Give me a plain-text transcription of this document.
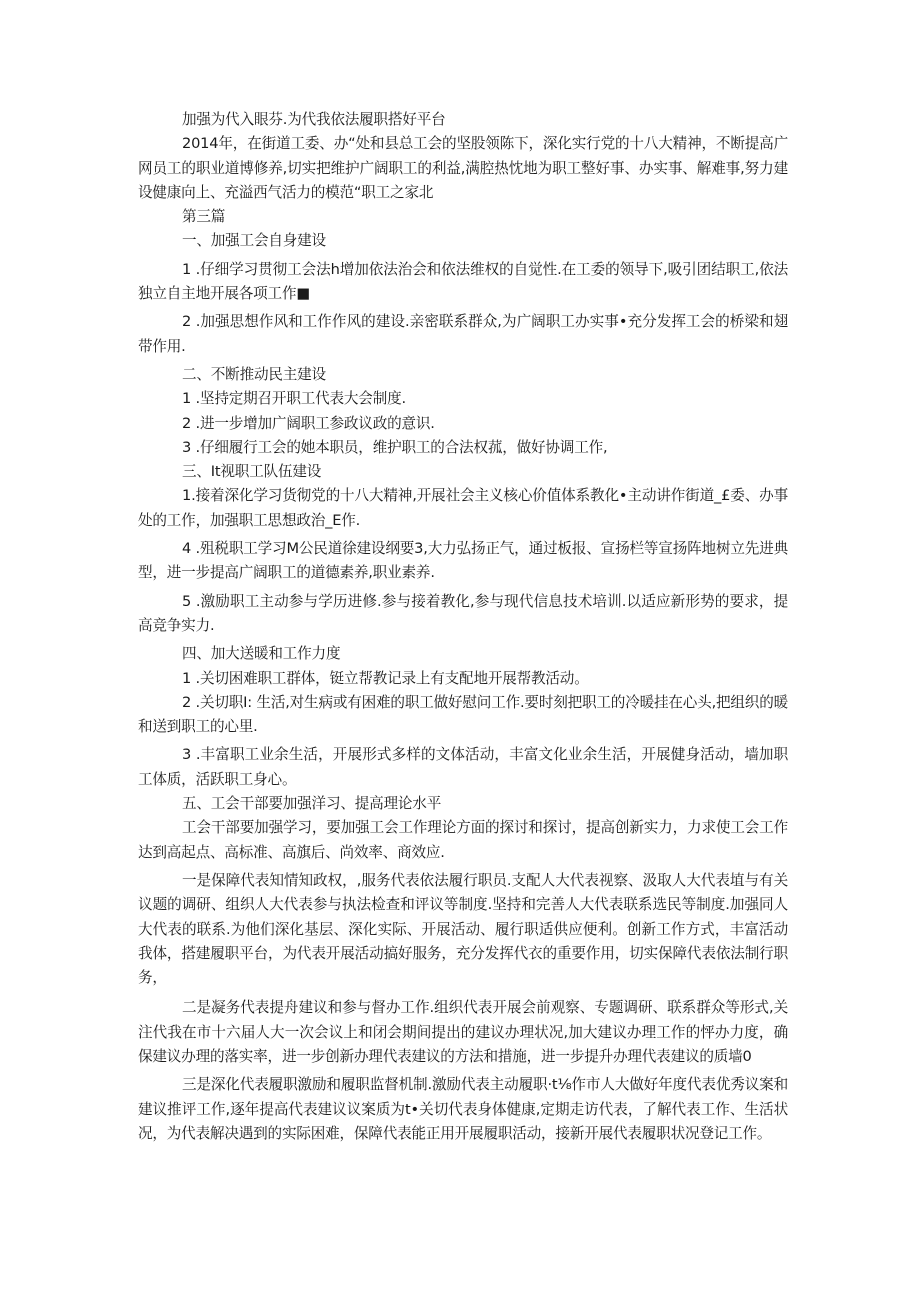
加强为代入眼芬.为代我依法履职搭好平台

2014年，在街道工委、办“处和县总工会的坚股领陈下，深化实行党的十八大精神，不断提高广网员工的职业道博修养,切实把维护广阔职工的利益,满腔热忱地为职工整好事、办实事、解难事,努力建设健康向上、充溢西气活力的模范“职工之家北

第三篇

一、加强工会自身建设

1 .仔细学习贯彻工会法h增加依法治会和依法维权的自觉性.在工委的领导下,吸引团结职工,依法独立自主地开展各项工作■

2 .加强思想作风和工作作风的建设.亲密联系群众,为广阔职工办实事•充分发挥工会的桥梁和翅带作用.

二、不断推动民主建设

1 .坚持定期召开职工代表大会制度.

2 .进一步增加广阔职工参政议政的意识.

3 .仔细履行工会的她本职员，维护职工的合法权菰，做好协调工作,

三、It视职工队伍建设

1.接着深化学习货彻党的十八大精神,开展社会主义核心价值体系教化•主动讲作街道_£委、办事处的工作，加强职工思想政治_E作.

4 .殂税职工学习M公民道徐建设纲要3,大力弘扬正气，通过板报、宣扬栏等宣扬阵地树立先进典型，进一步提高广阔职工的道德素养,职业素养.

5 .激励职工主动参与学历进修.参与接着教化,参与现代信息技术培训.以适应新形势的要求，提高竞争实力.

四、加大送暖和工作力度

1 .关切困难职工群体，铤立帮教记录上有支配地开展帮教活动。

2 .关切职I: 生活,对生病或有困难的职工做好慰问工作.要时刻把职工的冷暖挂在心头,把组织的暖和送到职工的心里.

3 .丰富职工业余生活，开展形式多样的文体活动，丰富文化业余生活，开展健身活动，墙加职工体质，活跃职工身心。

五、工会干部要加强洋习、提高理论水平

工会干部要加强学习，要加强工会工作理论方面的探讨和探讨，提高创新实力，力求使工会工作达到高起点、高标准、高旗后、尚效率、商效应.

一是保障代表知情知政权，,服务代表依法履行职员.支配人大代表视察、汲取人大代表埴与有关议题的调研、组织人大代表参与执法检查和评议等制度.坚持和完善人大代表联系选民等制度.加强同人大代表的联系.为他们深化基层、深化实际、开展活动、履行职适供应便利。创新工作方式，丰富活动我体，搭建履职平台，为代表开展活动搞好服务，充分发挥代衣的重要作用，切实保障代表依法制行职务，

二是凝务代表提舟建议和参与督办工作.组织代表开展会前观察、专题调研、联系群众等形式,关注代我在市十六届人大一次会议上和闭会期间提出的建议办理状况,加大建议办理工作的怦办力度，确保建议办理的落实率，进一步创新办理代表建议的方法和措施，进一步提升办理代表建议的质墙0

三是深化代表履职激励和履职监督机制.激励代表主动履职·t⅛作市人大做好年度代表优秀议案和建议推评工作,逐年提高代表建议议案质为t•关切代表身体健康,定期走访代表，了解代表工作、生活状况，为代表解决遇到的实际困难，保障代表能正用开展履职活动，接新开展代表履职状况登记工作。
